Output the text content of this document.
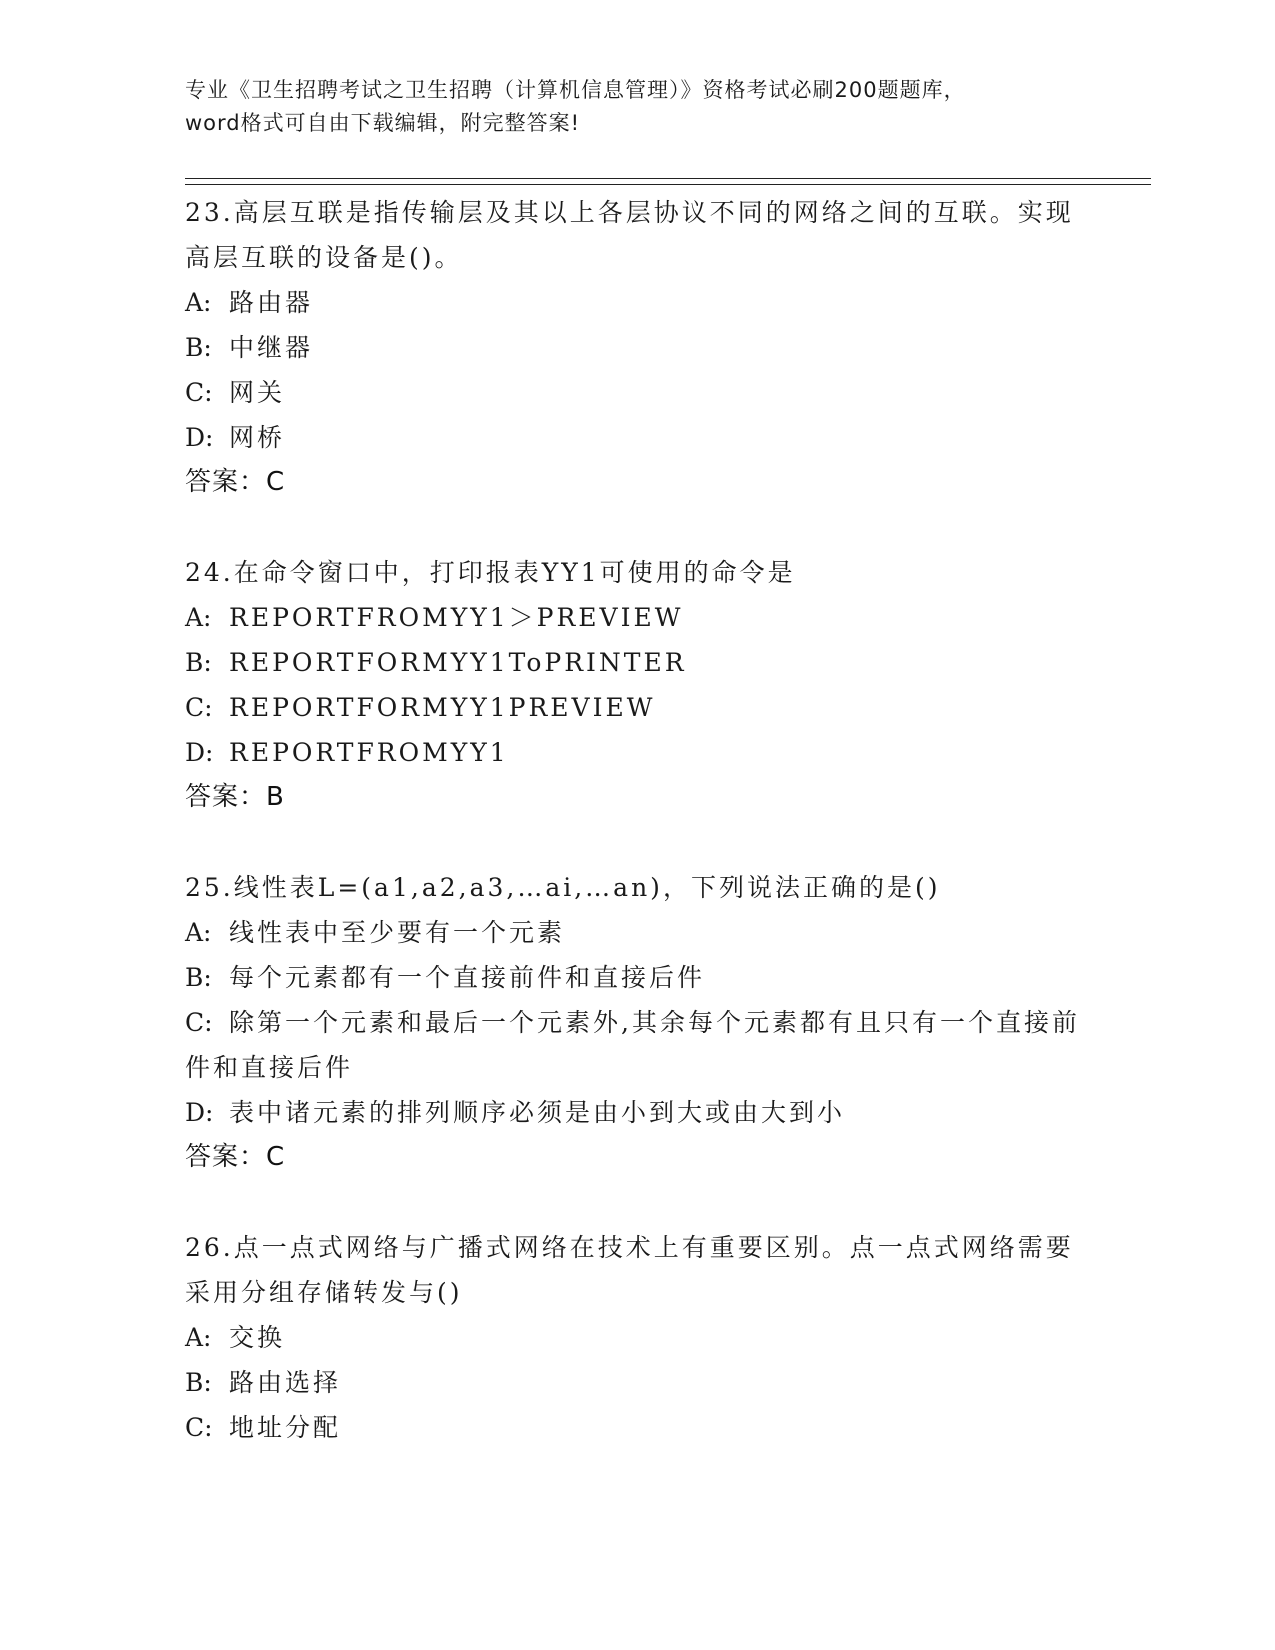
专业《卫生招聘考试之卫生招聘（计算机信息管理）》资格考试必刷200题题库，
word格式可自由下载编辑，附完整答案!
23.高层互联是指传输层及其以上各层协议不同的网络之间的互联。实现高层互联的设备是()。
A: 路由器
B: 中继器
C: 网关
D: 网桥
答案：C
24.在命令窗口中，打印报表YY1可使用的命令是
A: REPORTFROMYY1＞PREVIEW
B: REPORTFORMYY1ToPRINTER
C: REPORTFORMYY1PREVIEW
D: REPORTFROMYY1
答案：B
25.线性表L=(a1,a2,a3,…ai,…an)，下列说法正确的是()
A: 线性表中至少要有一个元素
B: 每个元素都有一个直接前件和直接后件
C: 除第一个元素和最后一个元素外,其余每个元素都有且只有一个直接前件和直接后件
D: 表中诸元素的排列顺序必须是由小到大或由大到小
答案：C
26.点一点式网络与广播式网络在技术上有重要区别。点一点式网络需要采用分组存储转发与()
A: 交换
B: 路由选择
C: 地址分配
